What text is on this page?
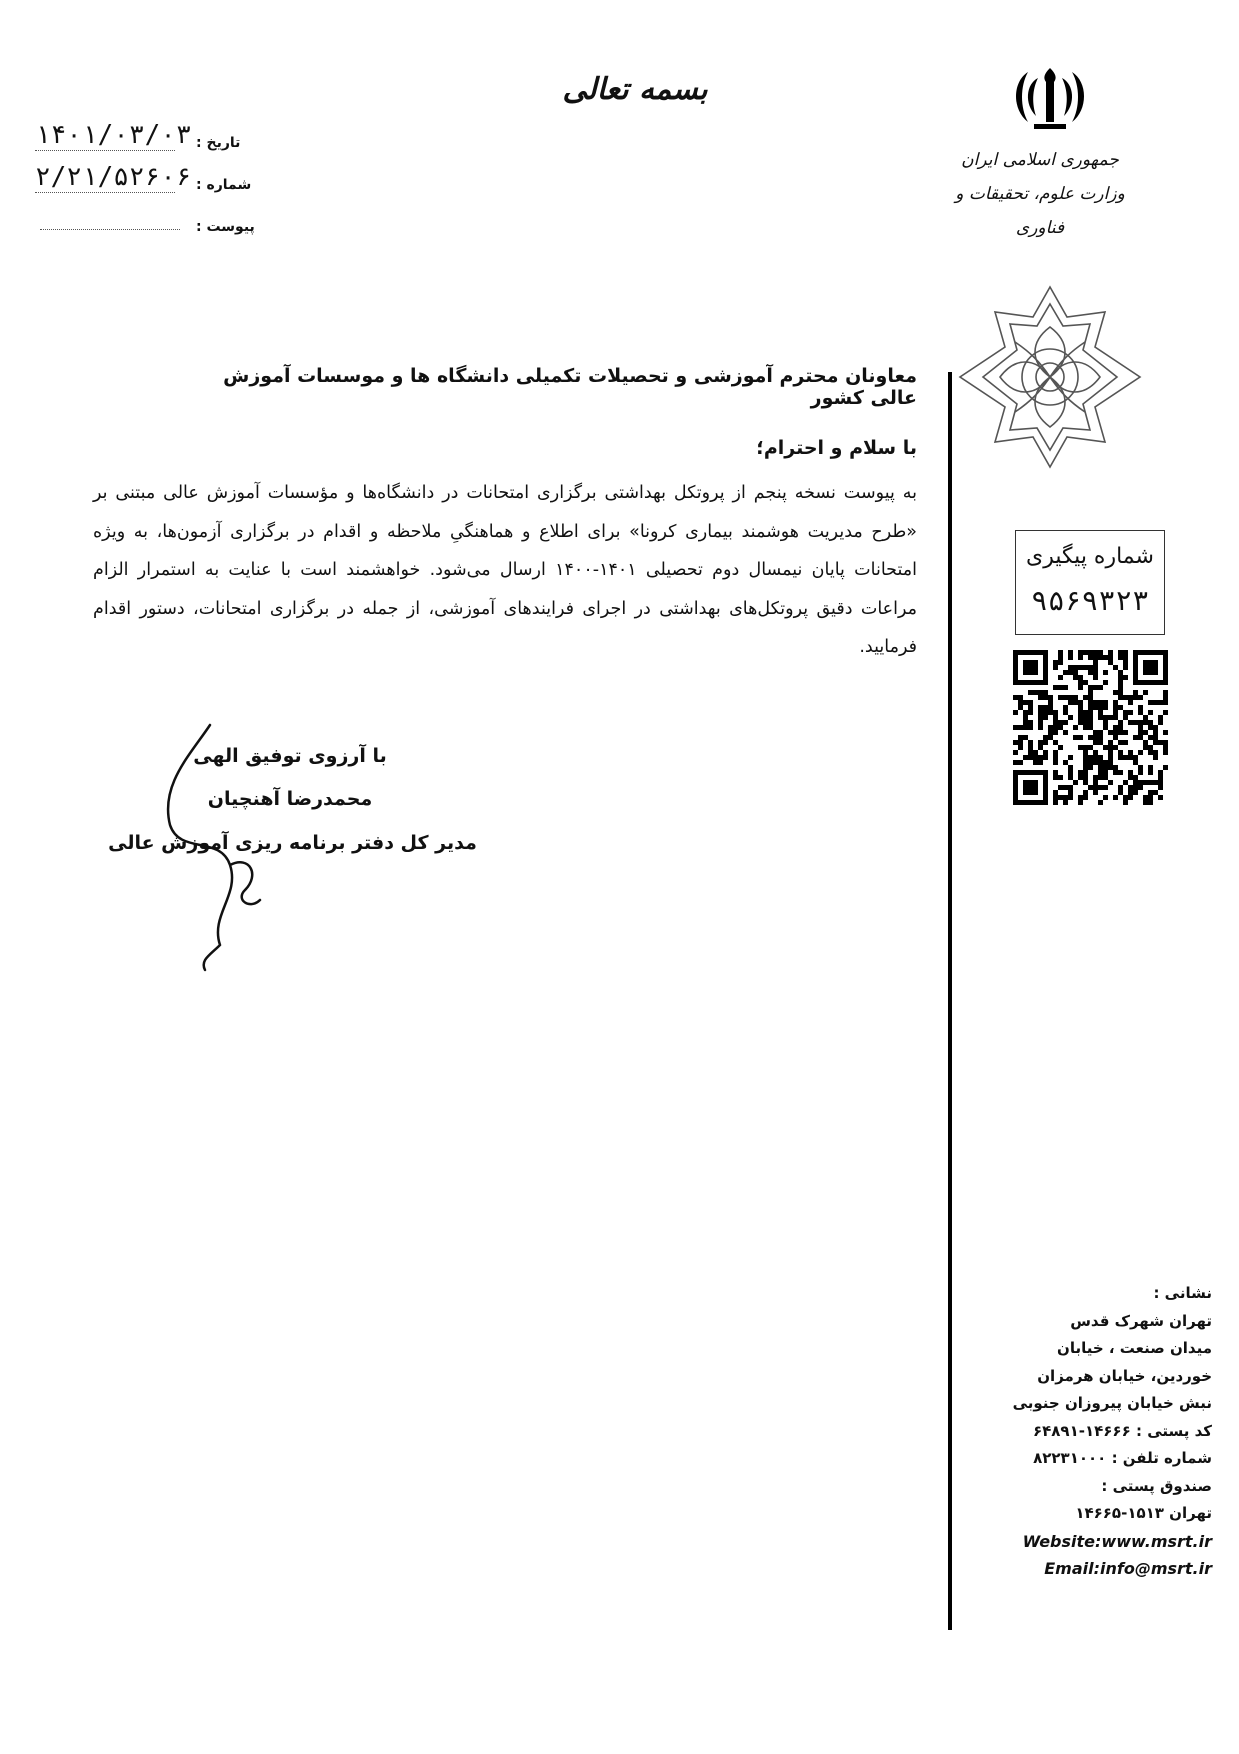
بسمه تعالی
تاریخ :
۱۴۰۱/۰۳/۰۳
شماره :
۲/۲۱/۵۲۶۰۶
پیوست :
جمهوری اسلامی ایران
وزارت علوم، تحقیقات و فناوری
معاونان محترم آموزشی و تحصیلات تکمیلی دانشگاه ها و موسسات آموزش عالی کشور
با سلام و احترام؛
به پیوست نسخه پنجم از پروتکل بهداشتی برگزاری امتحانات در دانشگاه‌ها و مؤسسات آموزش عالی مبتنی بر «طرح مدیریت هوشمند بیماری کرونا» برای اطلاع و هماهنگیِ ملاحظه و اقدام در برگزاری آزمون‌ها، به ویژه امتحانات پایان نیمسال دوم تحصیلی ۱۴۰۱-۱۴۰۰ ارسال می‌شود. خواهشمند است با عنایت به استمرار الزام مراعات دقیق پروتکل‌های بهداشتی در اجرای فرایندهای آموزشی، از جمله در برگزاری امتحانات، دستور اقدام فرمایید.
با آرزوی توفیق الهی
محمدرضا آهنچیان
مدیر کل دفتر برنامه ریزی آموزش عالی
شماره پیگیری
۹۵۶۹۳۲۳
نشانی :
تهران شهرک قدس
میدان صنعت ، خیابان
خوردین، خیابان هرمزان
نبش خیابان پیروزان جنوبی
کد پستی : ۱۴۶۶۶-۶۴۸۹۱
شماره تلفن : ۸۲۲۳۱۰۰۰
صندوق پستی :
تهران ۱۵۱۳-۱۴۶۶۵
Website:www.msrt.ir
Email:info@msrt.ir
